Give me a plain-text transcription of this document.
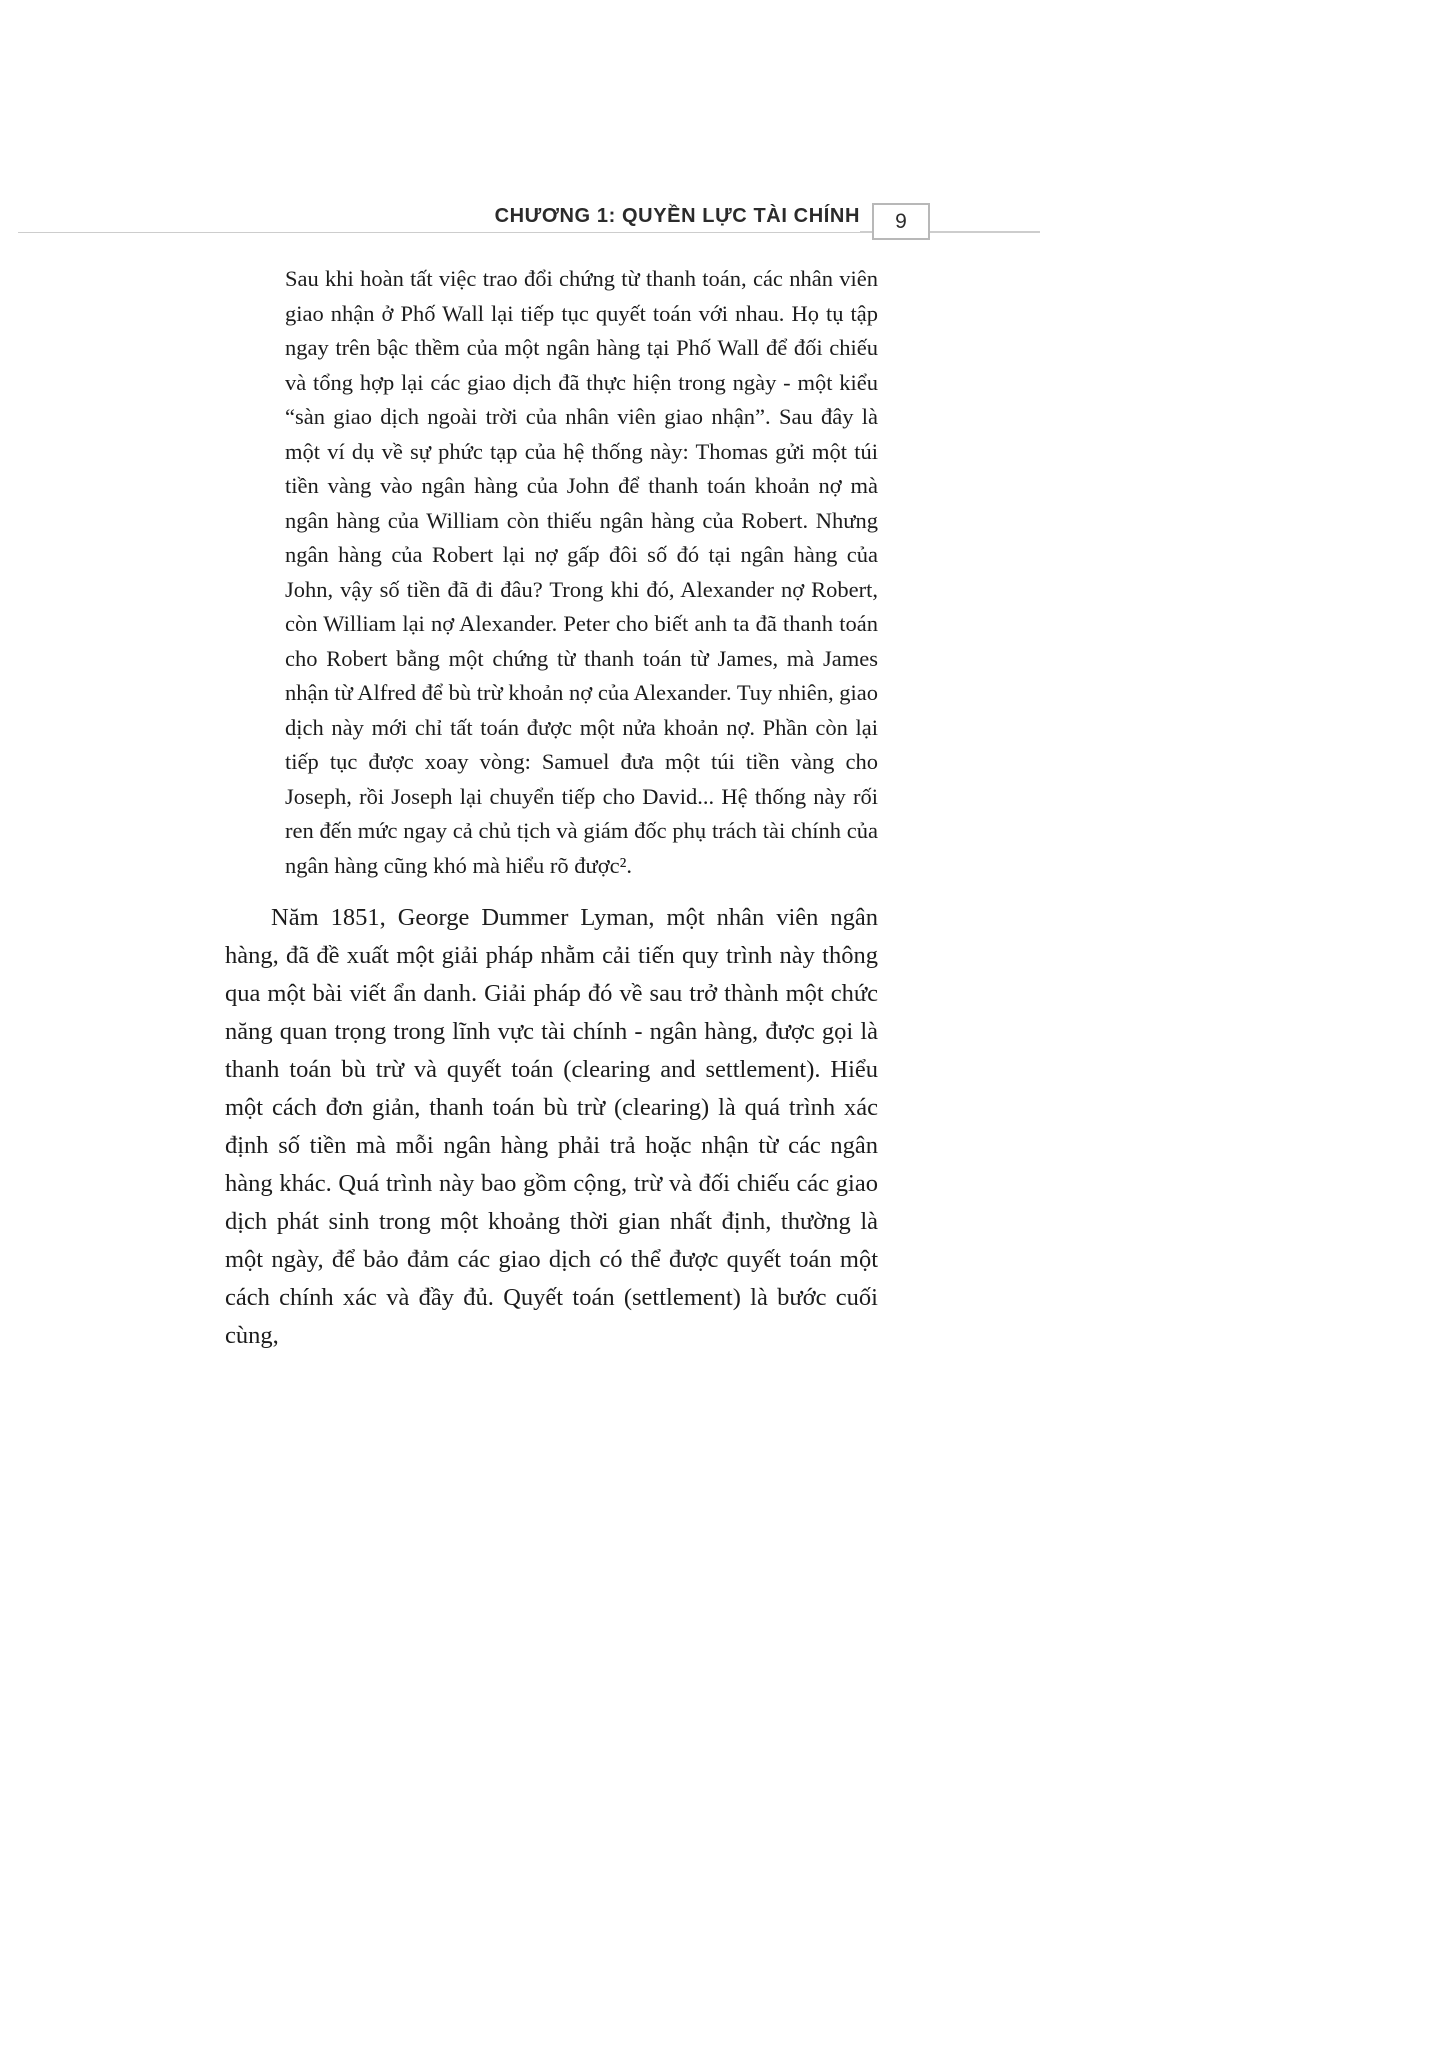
CHƯƠNG 1: QUYỀN LỰC TÀI CHÍNH 9

Sau khi hoàn tất việc trao đổi chứng từ thanh toán, các nhân viên giao nhận ở Phố Wall lại tiếp tục quyết toán với nhau. Họ tụ tập ngay trên bậc thềm của một ngân hàng tại Phố Wall để đối chiếu và tổng hợp lại các giao dịch đã thực hiện trong ngày - một kiểu “sàn giao dịch ngoài trời của nhân viên giao nhận”. Sau đây là một ví dụ về sự phức tạp của hệ thống này: Thomas gửi một túi tiền vàng vào ngân hàng của John để thanh toán khoản nợ mà ngân hàng của William còn thiếu ngân hàng của Robert. Nhưng ngân hàng của Robert lại nợ gấp đôi số đó tại ngân hàng của John, vậy số tiền đã đi đâu? Trong khi đó, Alexander nợ Robert, còn William lại nợ Alexander. Peter cho biết anh ta đã thanh toán cho Robert bằng một chứng từ thanh toán từ James, mà James nhận từ Alfred để bù trừ khoản nợ của Alexander. Tuy nhiên, giao dịch này mới chỉ tất toán được một nửa khoản nợ. Phần còn lại tiếp tục được xoay vòng: Samuel đưa một túi tiền vàng cho Joseph, rồi Joseph lại chuyển tiếp cho David... Hệ thống này rối ren đến mức ngay cả chủ tịch và giám đốc phụ trách tài chính của ngân hàng cũng khó mà hiểu rõ được².

Năm 1851, George Dummer Lyman, một nhân viên ngân hàng, đã đề xuất một giải pháp nhằm cải tiến quy trình này thông qua một bài viết ẩn danh. Giải pháp đó về sau trở thành một chức năng quan trọng trong lĩnh vực tài chính - ngân hàng, được gọi là thanh toán bù trừ và quyết toán (clearing and settlement). Hiểu một cách đơn giản, thanh toán bù trừ (clearing) là quá trình xác định số tiền mà mỗi ngân hàng phải trả hoặc nhận từ các ngân hàng khác. Quá trình này bao gồm cộng, trừ và đối chiếu các giao dịch phát sinh trong một khoảng thời gian nhất định, thường là một ngày, để bảo đảm các giao dịch có thể được quyết toán một cách chính xác và đầy đủ. Quyết toán (settlement) là bước cuối cùng,
